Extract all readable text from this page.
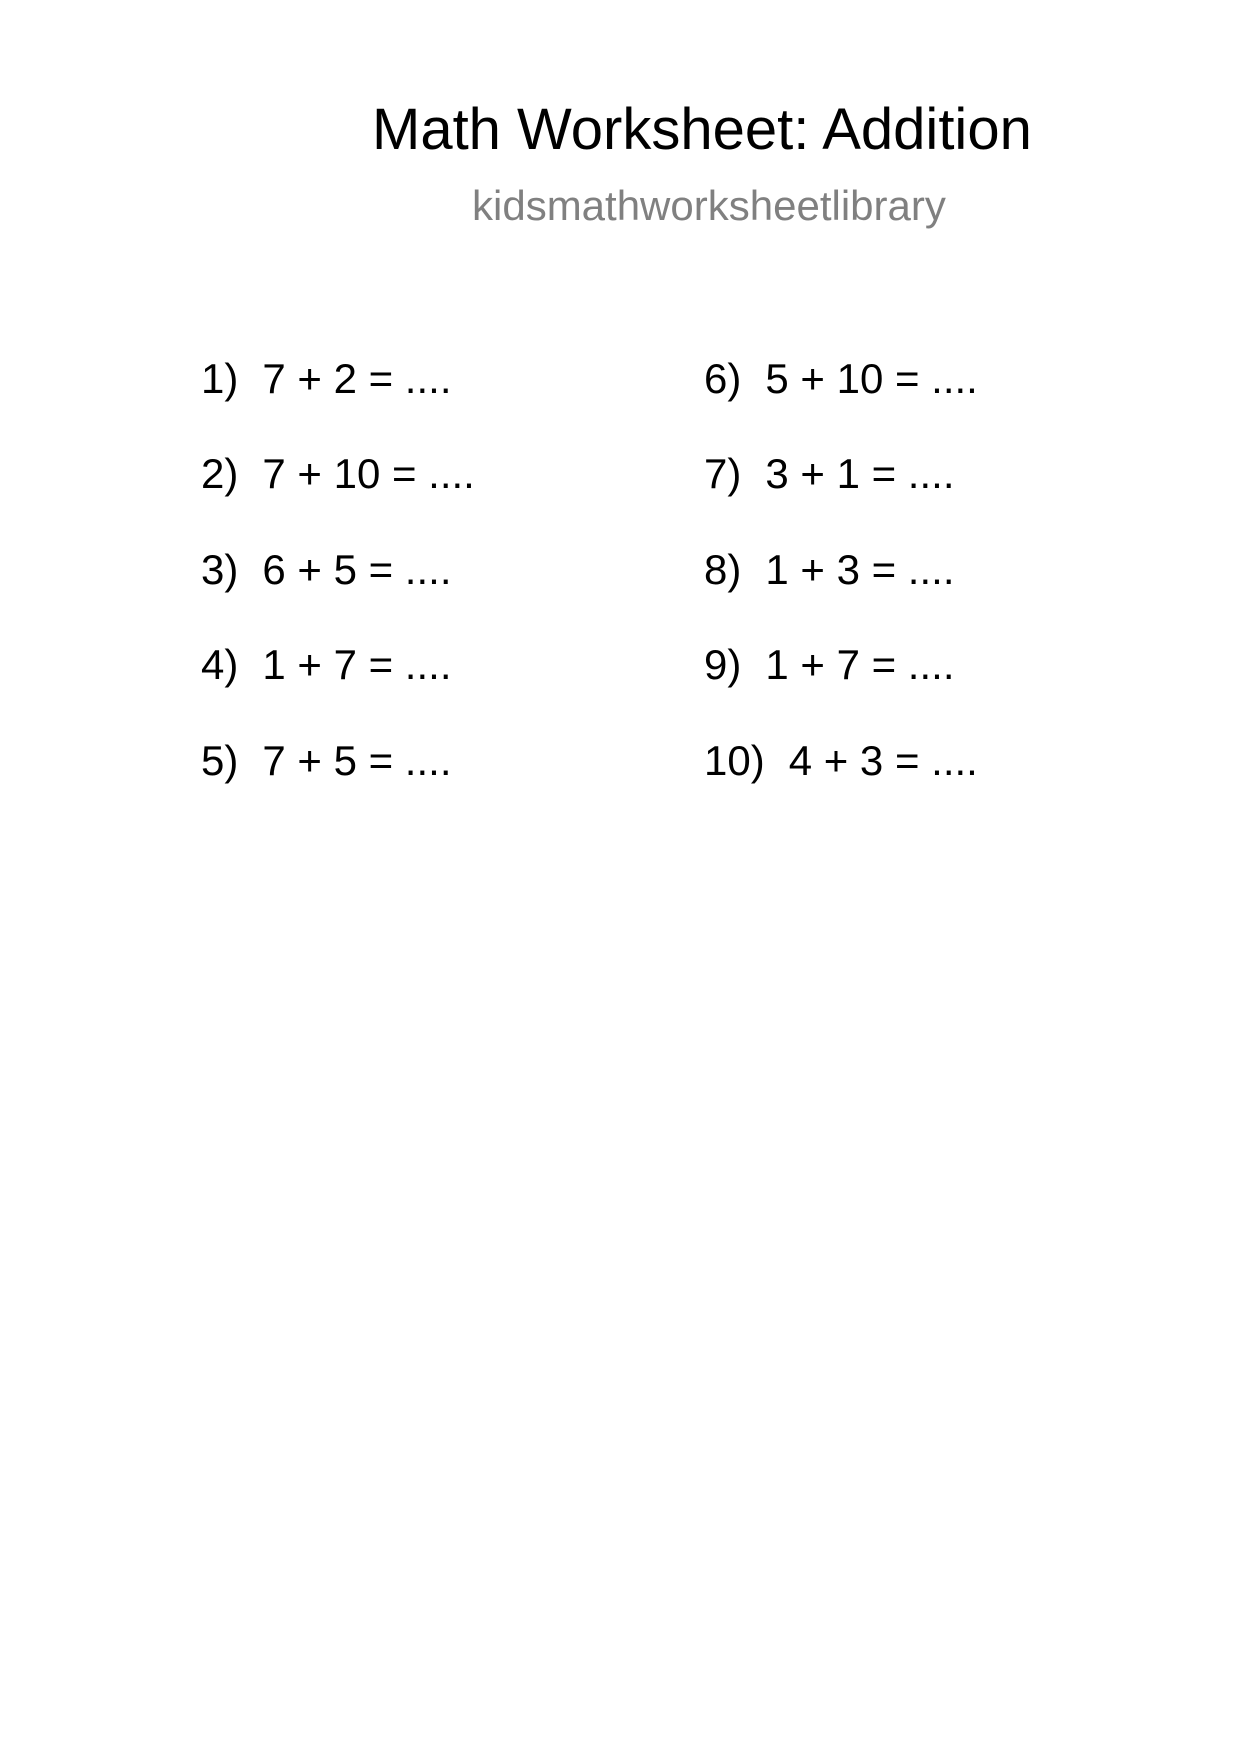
Math Worksheet: Addition
kidsmathworksheetlibrary
1) 7 + 2 = ....
2) 7 + 10 = ....
3) 6 + 5 = ....
4) 1 + 7 = ....
5) 7 + 5 = ....
6) 5 + 10 = ....
7) 3 + 1 = ....
8) 1 + 3 = ....
9) 1 + 7 = ....
10) 4 + 3 = ....
